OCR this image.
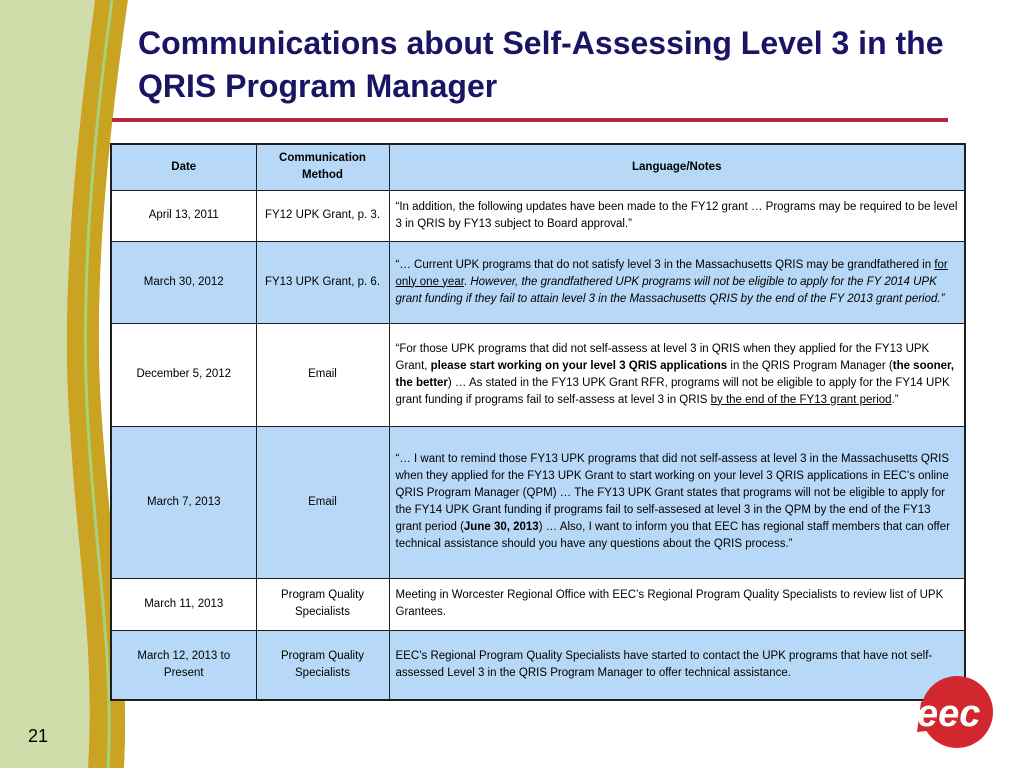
Communications about Self-Assessing Level 3 in the QRIS Program Manager
Date	Communication Method	Language/Notes
April 13, 2011	FY12 UPK Grant, p. 3.	“In addition, the following updates have been made to the FY12 grant … Programs may be required to be level 3 in QRIS by FY13 subject to Board approval.”
March 30, 2012	FY13 UPK Grant, p. 6.	“… Current UPK programs that do not satisfy level 3 in the Massachusetts QRIS may be grandfathered in for only one year. However, the grandfathered UPK programs will not be eligible to apply for the FY 2014 UPK grant funding if they fail to attain level 3 in the Massachusetts QRIS by the end of the FY 2013 grant period.”
December 5, 2012	Email	“For those UPK programs that did not self-assess at level 3 in QRIS when they applied for the FY13 UPK Grant, please start working on your level 3 QRIS applications in the QRIS Program Manager (the sooner, the better) … As stated in the FY13 UPK Grant RFR, programs will not be eligible to apply for the FY14 UPK grant funding if programs fail to self-assess at level 3 in QRIS by the end of the FY13 grant period.”
March 7, 2013	Email	“… I want to remind those FY13 UPK programs that did not self-assess at level 3 in the Massachusetts QRIS when they applied for the FY13 UPK Grant to start working on your level 3 QRIS applications in EEC’s online QRIS Program Manager (QPM) … The FY13 UPK Grant states that programs will not be eligible to apply for the FY14 UPK Grant funding if programs fail to self-assesed at level 3 in the QPM by the end of the FY13 grant period (June 30, 2013) … Also, I want to inform you that EEC has regional staff members that can offer technical assistance should you have any questions about the QRIS process.”
March 11, 2013	Program Quality Specialists	Meeting in Worcester Regional Office with EEC’s Regional Program Quality Specialists to review list of UPK Grantees.
March 12, 2013 to Present	Program Quality Specialists	EEC’s Regional Program Quality Specialists have started to contact the UPK programs that have not self-assessed Level 3 in the QRIS Program Manager to offer technical assistance.
eec
21
